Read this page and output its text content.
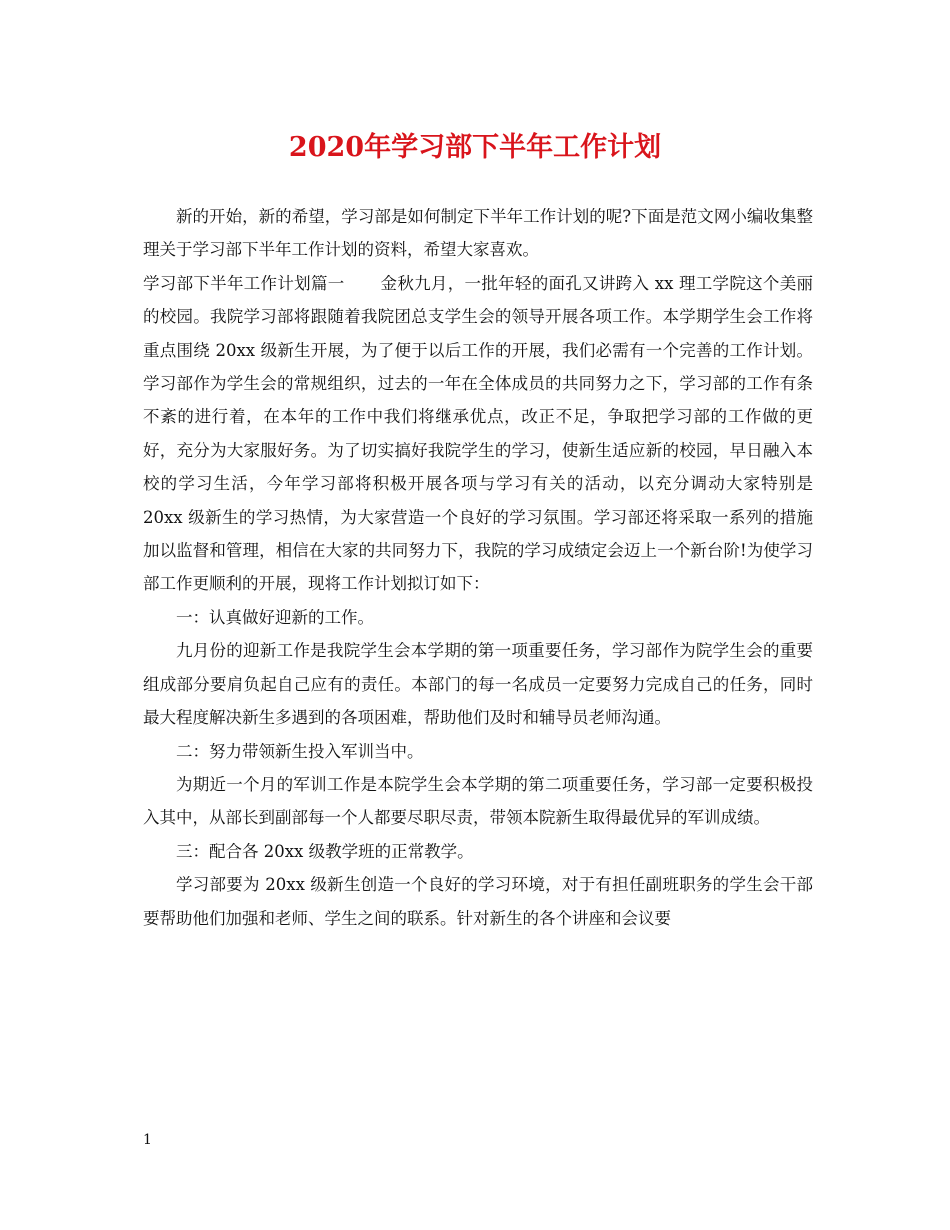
2020年学习部下半年工作计划

新的开始，新的希望，学习部是如何制定下半年工作计划的呢?下面是范文网小编收集整理关于学习部下半年工作计划的资料，希望大家喜欢。

学习部下半年工作计划篇一 金秋九月，一批年轻的面孔又讲跨入 xx 理工学院这个美丽的校园。我院学习部将跟随着我院团总支学生会的领导开展各项工作。本学期学生会工作将重点围绕 20xx 级新生开展，为了便于以后工作的开展，我们必需有一个完善的工作计划。学习部作为学生会的常规组织，过去的一年在全体成员的共同努力之下，学习部的工作有条不紊的进行着，在本年的工作中我们将继承优点，改正不足，争取把学习部的工作做的更好，充分为大家服好务。为了切实搞好我院学生的学习，使新生适应新的校园，早日融入本校的学习生活，今年学习部将积极开展各项与学习有关的活动，以充分调动大家特别是 20xx 级新生的学习热情，为大家营造一个良好的学习氛围。学习部还将采取一系列的措施加以监督和管理，相信在大家的共同努力下，我院的学习成绩定会迈上一个新台阶!为使学习部工作更顺利的开展，现将工作计划拟订如下：

一：认真做好迎新的工作。

九月份的迎新工作是我院学生会本学期的第一项重要任务，学习部作为院学生会的重要组成部分要肩负起自己应有的责任。本部门的每一名成员一定要努力完成自己的任务，同时最大程度解决新生多遇到的各项困难，帮助他们及时和辅导员老师沟通。

二：努力带领新生投入军训当中。

为期近一个月的军训工作是本院学生会本学期的第二项重要任务，学习部一定要积极投入其中，从部长到副部每一个人都要尽职尽责，带领本院新生取得最优异的军训成绩。

三：配合各 20xx 级教学班的正常教学。

学习部要为 20xx 级新生创造一个良好的学习环境，对于有担任副班职务的学生会干部要帮助他们加强和老师、学生之间的联系。针对新生的各个讲座和会议要

1
